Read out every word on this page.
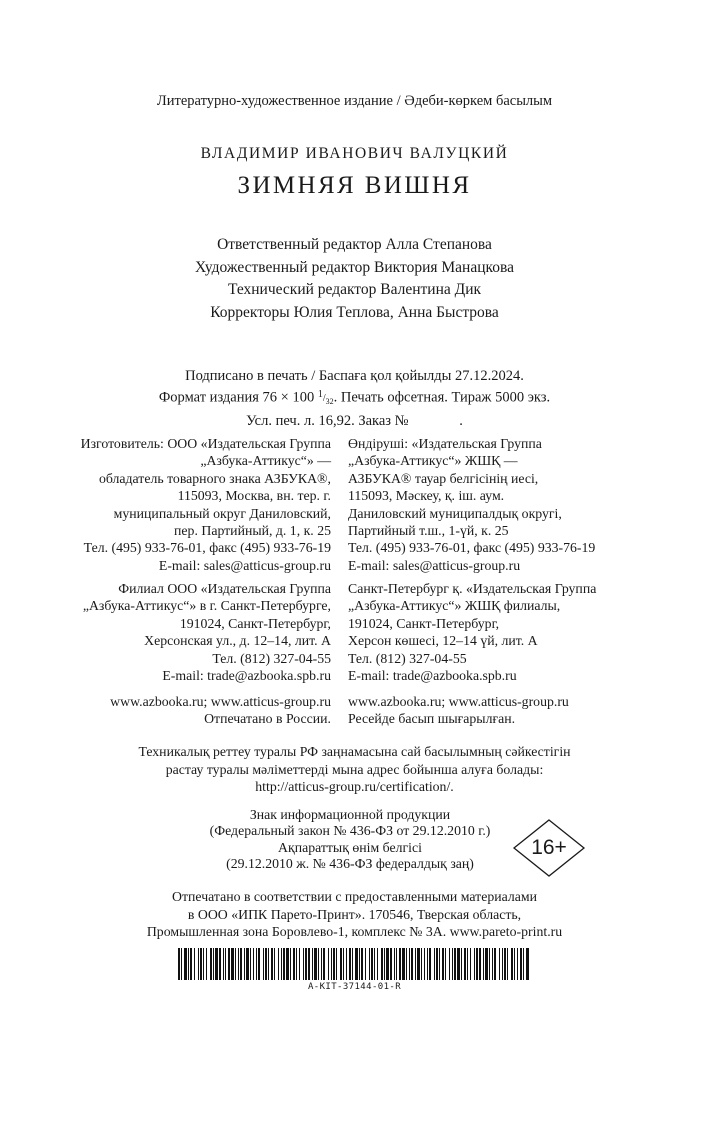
Литературно-художественное издание / Әдеби-көркем басылым
ВЛАДИМИР ИВАНОВИЧ ВАЛУЦКИЙ
ЗИМНЯЯ ВИШНЯ
Ответственный редактор Алла Степанова
Художественный редактор Виктория Манацкова
Технический редактор Валентина Дик
Корректоры Юлия Теплова, Анна Быстрова
Подписано в печать / Баспаға қол қойылды 27.12.2024.
Формат издания 76 × 100 $^1/_{32}$. Печать офсетная. Тираж 5000 экз.
Усл. печ. л. 16,92. Заказ №              .
Изготовитель: ООО «Издательская Группа
„Азбука-Аттикус“» —
обладатель товарного знака АЗБУКА®,
115093, Москва, вн. тер. г.
муниципальный округ Даниловский,
пер. Партийный, д. 1, к. 25
Тел. (495) 933-76-01, факс (495) 933-76-19
E-mail: sales@atticus-group.ru
Өндіруші: «Издательская Группа
„Азбука-Аттикус“» ЖШҚ —
АЗБУКА® тауар белгісінің иесі,
115093, Мәскеу, қ. іш. аум.
Даниловский муниципалдық округі,
Партийный т.ш., 1-үй, к. 25
Тел. (495) 933-76-01, факс (495) 933-76-19
E-mail: sales@atticus-group.ru
Филиал ООО «Издательская Группа
„Азбука-Аттикус“» в г. Санкт-Петербурге,
191024, Санкт-Петербург,
Херсонская ул., д. 12–14, лит. А
Тел. (812) 327-04-55
E-mail: trade@azbooka.spb.ru
Санкт-Петербург қ. «Издательская Группа
„Азбука-Аттикус“» ЖШҚ филиалы,
191024, Санкт-Петербург,
Херсон көшесі, 12–14 үй, лит. А
Тел. (812) 327-04-55
E-mail: trade@azbooka.spb.ru
www.azbooka.ru; www.atticus-group.ru
Отпечатано в России.
www.azbooka.ru; www.atticus-group.ru
Ресейде басып шығарылған.
Техникалық реттеу туралы РФ заңнамасына сай басылымның сәйкестігін
растау туралы мәліметтерді мына адрес бойынша алуға болады:
http://atticus-group.ru/certification/.
Знак информационной продукции
(Федеральный закон № 436-ФЗ от 29.12.2010 г.)
Ақпараттық өнім белгісі
(29.12.2010 ж. № 436-ФЗ федералдық заң)
16+
Отпечатано в соответствии с предоставленными материалами
в ООО «ИПК Парето-Принт». 170546, Тверская область,
Промышленная зона Боровлево-1, комплекс № 3А. www.pareto-print.ru
А-КIТ-37144-01-R
